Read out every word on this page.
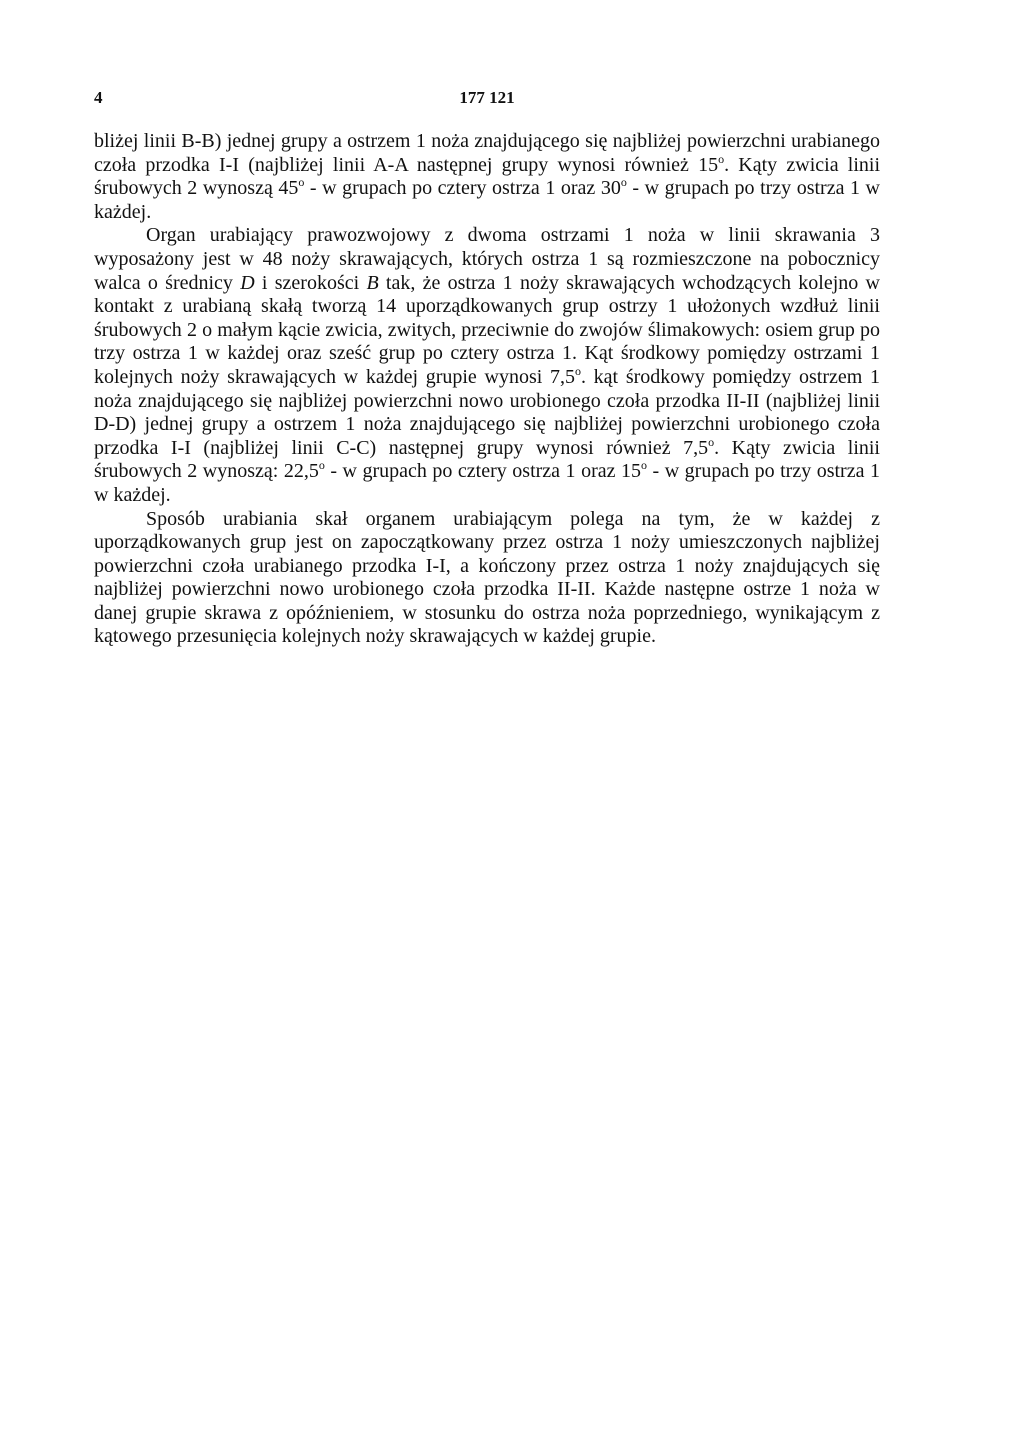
4	177 121

bliżej linii B-B) jednej grupy a ostrzem 1 noża znajdującego się najbliżej powierzchni urabianego czoła przodka I-I (najbliżej linii A-A następnej grupy wynosi również 15$^o$. Kąty zwicia linii śrubowych 2 wynoszą 45$^o$ - w grupach po cztery ostrza 1 oraz 30$^o$ - w grupach po trzy ostrza 1 w każdej.

Organ urabiający prawozwojowy z dwoma ostrzami 1 noża w linii skrawania 3 wyposażony jest w 48 noży skrawających, których ostrza 1 są rozmieszczone na pobocznicy walca o średnicy D i szerokości B tak, że ostrza 1 noży skrawających wchodzących kolejno w kontakt z urabianą skałą tworzą 14 uporządkowanych grup ostrzy 1 ułożonych wzdłuż linii śrubowych 2 o małym kącie zwicia, zwitych, przeciwnie do zwojów ślimakowych: osiem grup po trzy ostrza 1 w każdej oraz sześć grup po cztery ostrza 1. Kąt środkowy pomiędzy ostrzami 1 kolejnych noży skrawających w każdej grupie wynosi 7,5$^o$. kąt środkowy pomiędzy ostrzem 1 noża znajdującego się najbliżej powierzchni nowo urobionego czoła przodka II-II (najbliżej linii D-D) jednej grupy a ostrzem 1 noża znajdującego się najbliżej powierzchni urobionego czoła przodka I-I (najbliżej linii C-C) następnej grupy wynosi również 7,5$^o$. Kąty zwicia linii śrubowych 2 wynoszą: 22,5$^o$ - w grupach po cztery ostrza 1 oraz 15$^o$ - w grupach po trzy ostrza 1 w każdej.

Sposób urabiania skał organem urabiającym polega na tym, że w każdej z uporządkowanych grup jest on zapoczątkowany przez ostrza 1 noży umieszczonych najbliżej powierzchni czoła urabianego przodka I-I, a kończony przez ostrza 1 noży znajdujących się najbliżej powierzchni nowo urobionego czoła przodka II-II. Każde następne ostrze 1 noża w danej grupie skrawa z opóźnieniem, w stosunku do ostrza noża poprzedniego, wynikającym z kątowego przesunięcia kolejnych noży skrawających w każdej grupie.
